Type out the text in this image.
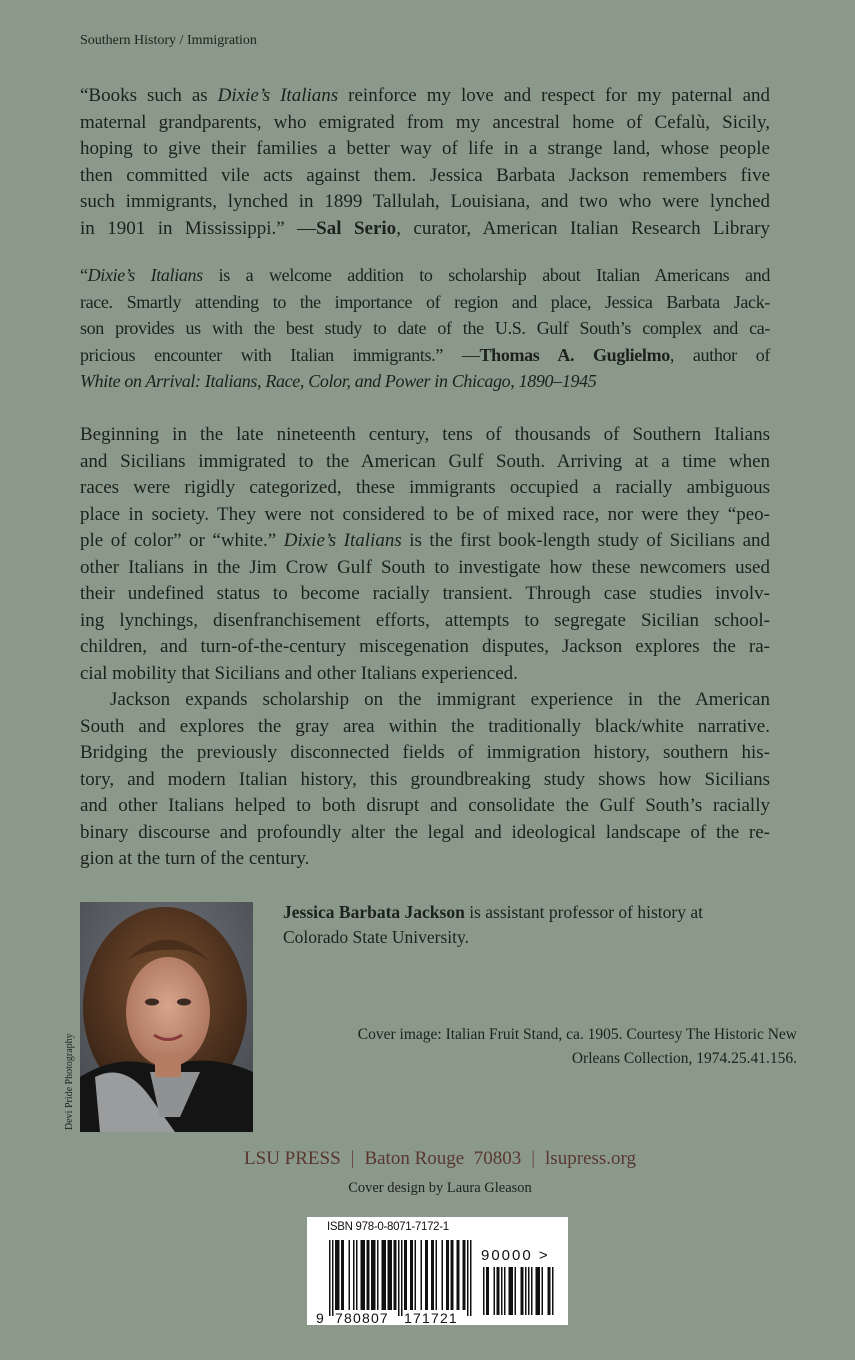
Southern History / Immigration
“Books such as Dixie’s Italians reinforce my love and respect for my paternal and
maternal grandparents, who emigrated from my ancestral home of Cefalù, Sicily,
hoping to give their families a better way of life in a strange land, whose people
then committed vile acts against them. Jessica Barbata Jackson remembers five
such immigrants, lynched in 1899 Tallulah, Louisiana, and two who were lynched
in 1901 in Mississippi.” —Sal Serio, curator, American Italian Research Library
“Dixie’s Italians is a welcome addition to scholarship about Italian Americans and
race. Smartly attending to the importance of region and place, Jessica Barbata Jack-
son provides us with the best study to date of the U.S. Gulf South’s complex and ca-
pricious encounter with Italian immigrants.” —Thomas A. Guglielmo, author of
White on Arrival: Italians, Race, Color, and Power in Chicago, 1890–1945
Beginning in the late nineteenth century, tens of thousands of Southern Italians
and Sicilians immigrated to the American Gulf South. Arriving at a time when
races were rigidly categorized, these immigrants occupied a racially ambiguous
place in society. They were not considered to be of mixed race, nor were they “peo-
ple of color” or “white.” Dixie’s Italians is the first book-length study of Sicilians and
other Italians in the Jim Crow Gulf South to investigate how these newcomers used
their undefined status to become racially transient. Through case studies involv-
ing lynchings, disenfranchisement efforts, attempts to segregate Sicilian school-
children, and turn-of-the-century miscegenation disputes, Jackson explores the ra-
cial mobility that Sicilians and other Italians experienced.
Jackson expands scholarship on the immigrant experience in the American
South and explores the gray area within the traditionally black/white narrative.
Bridging the previously disconnected fields of immigration history, southern his-
tory, and modern Italian history, this groundbreaking study shows how Sicilians
and other Italians helped to both disrupt and consolidate the Gulf South’s racially
binary discourse and profoundly alter the legal and ideological landscape of the re-
gion at the turn of the century.
Devi Pride Photography
Jessica Barbata Jackson is assistant professor of history at
Colorado State University.
Cover image: Italian Fruit Stand, ca. 1905. Courtesy The Historic New
Orleans Collection, 1974.25.41.156.
LSU PRESS | Baton Rouge  70803 | lsupress.org
Cover design by Laura Gleason
9 780807 171721
ISBN 978-0-8071-7172-1
90000 >
